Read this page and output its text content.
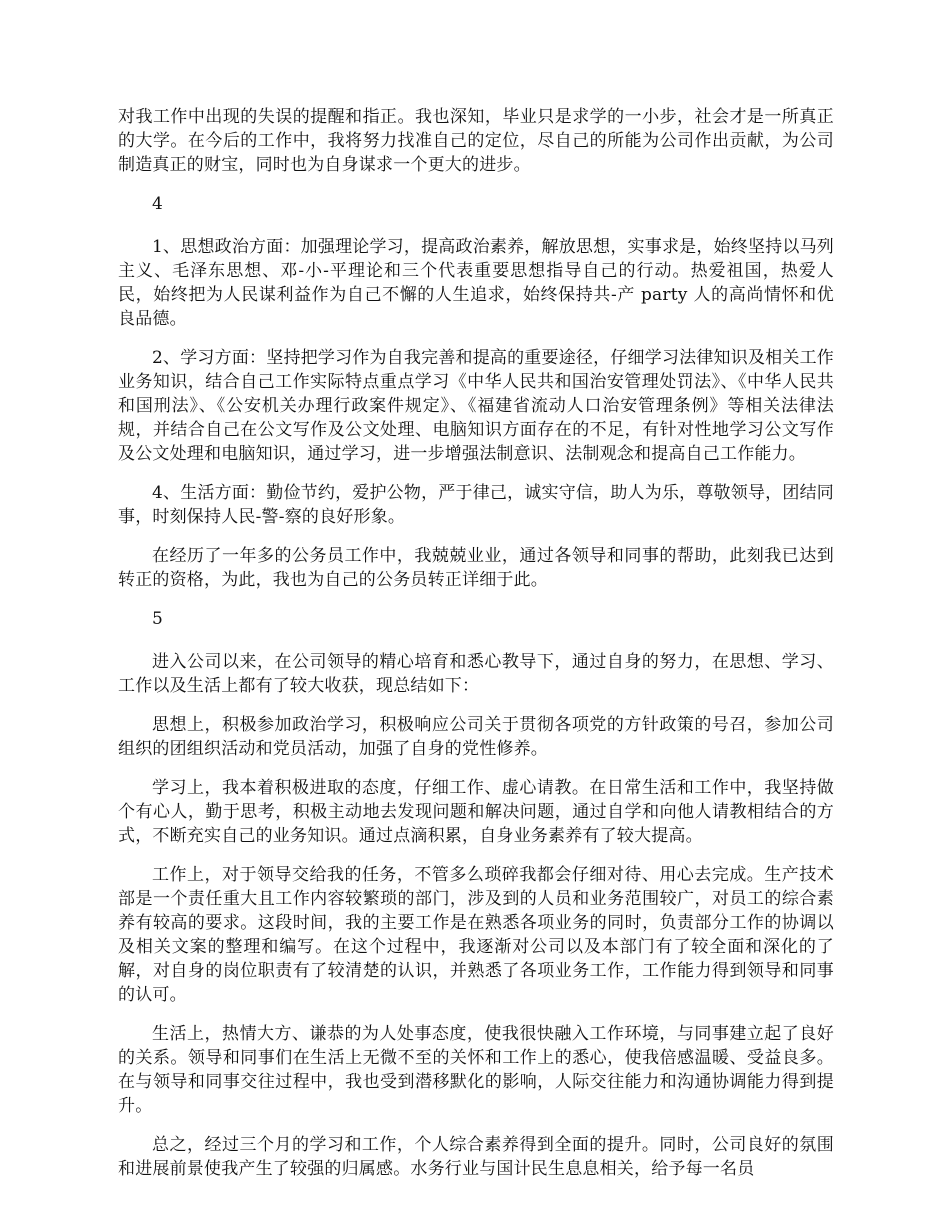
对我工作中出现的失误的提醒和指正。我也深知，毕业只是求学的一小步，社会才是一所真正的大学。在今后的工作中，我将努力找准自己的定位，尽自己的所能为公司作出贡献，为公司制造真正的财宝，同时也为自身谋求一个更大的进步。

4

1、思想政治方面：加强理论学习，提高政治素养，解放思想，实事求是，始终坚持以马列主义、毛泽东思想、邓-小-平理论和三个代表重要思想指导自己的行动。热爱祖国，热爱人民，始终把为人民谋利益作为自己不懈的人生追求，始终保持共-产 party 人的高尚情怀和优良品德。

2、学习方面：坚持把学习作为自我完善和提高的重要途径，仔细学习法律知识及相关工作业务知识，结合自己工作实际特点重点学习《中华人民共和国治安管理处罚法》、《中华人民共和国刑法》、《公安机关办理行政案件规定》、《福建省流动人口治安管理条例》等相关法律法规，并结合自己在公文写作及公文处理、电脑知识方面存在的不足，有针对性地学习公文写作及公文处理和电脑知识，通过学习，进一步增强法制意识、法制观念和提高自己工作能力。

4、生活方面：勤俭节约，爱护公物，严于律己，诚实守信，助人为乐，尊敬领导，团结同事，时刻保持人民-警-察的良好形象。

在经历了一年多的公务员工作中，我兢兢业业，通过各领导和同事的帮助，此刻我已达到转正的资格，为此，我也为自己的公务员转正详细于此。

5

进入公司以来，在公司领导的精心培育和悉心教导下，通过自身的努力，在思想、学习、工作以及生活上都有了较大收获，现总结如下：

思想上，积极参加政治学习，积极响应公司关于贯彻各项党的方针政策的号召，参加公司组织的团组织活动和党员活动，加强了自身的党性修养。

学习上，我本着积极进取的态度，仔细工作、虚心请教。在日常生活和工作中，我坚持做个有心人，勤于思考，积极主动地去发现问题和解决问题，通过自学和向他人请教相结合的方式，不断充实自己的业务知识。通过点滴积累，自身业务素养有了较大提高。

工作上，对于领导交给我的任务，不管多么琐碎我都会仔细对待、用心去完成。生产技术部是一个责任重大且工作内容较繁琐的部门，涉及到的人员和业务范围较广，对员工的综合素养有较高的要求。这段时间，我的主要工作是在熟悉各项业务的同时，负责部分工作的协调以及相关文案的整理和编写。在这个过程中，我逐渐对公司以及本部门有了较全面和深化的了解，对自身的岗位职责有了较清楚的认识，并熟悉了各项业务工作，工作能力得到领导和同事的认可。

生活上，热情大方、谦恭的为人处事态度，使我很快融入工作环境，与同事建立起了良好的关系。领导和同事们在生活上无微不至的关怀和工作上的悉心，使我倍感温暖、受益良多。在与领导和同事交往过程中，我也受到潜移默化的影响，人际交往能力和沟通协调能力得到提升。

总之，经过三个月的学习和工作，个人综合素养得到全面的提升。同时，公司良好的氛围和进展前景使我产生了较强的归属感。水务行业与国计民生息息相关，给予每一名员
